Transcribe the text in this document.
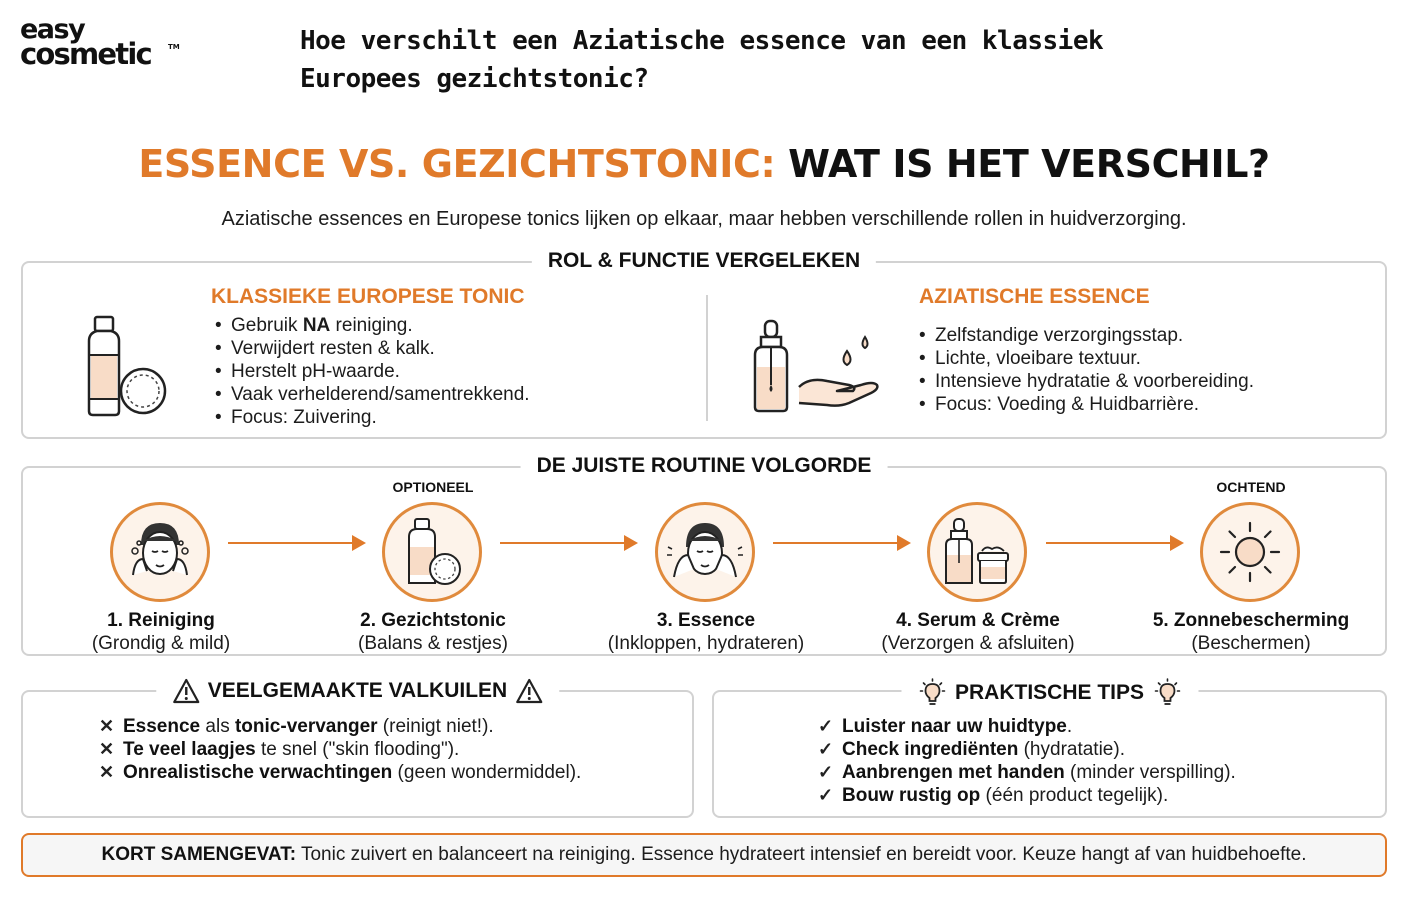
easy
cosmetic TM	Hoe verschilt een Aziatische essence van een klassiek Europees gezichtstonic?
ESSENCE VS. GEZICHTSTONIC: WAT IS HET VERSCHIL?
Aziatische essences en Europese tonics lijken op elkaar, maar hebben verschillende rollen in huidverzorging.
ROL & FUNCTIE VERGELEKEN
KLASSIEKE EUROPESE TONIC
• Gebruik NA reiniging.
• Verwijdert resten & kalk.
• Herstelt pH-waarde.
• Vaak verhelderend/samentrekkend.
• Focus: Zuivering.
AZIATISCHE ESSENCE
• Zelfstandige verzorgingsstap.
• Lichte, vloeibare textuur.
• Intensieve hydratatie & voorbereiding.
• Focus: Voeding & Huidbarrière.
DE JUISTE ROUTINE VOLGORDE
1. Reiniging
(Grondig & mild)
OPTIONEEL
2. Gezichtstonic
(Balans & restjes)
3. Essence
(Inkloppen, hydrateren)
4. Serum & Crème
(Verzorgen & afsluiten)
OCHTEND
5. Zonnebescherming
(Beschermen)
VEELGEMAAKTE VALKUILEN
✕ Essence als tonic-vervanger (reinigt niet!).
✕ Te veel laagjes te snel ("skin flooding").
✕ Onrealistische verwachtingen (geen wondermiddel).
PRAKTISCHE TIPS
✓ Luister naar uw huidtype .
✓ Check ingrediënten (hydratatie).
✓ Aanbrengen met handen (minder verspilling).
✓ Bouw rustig op (één product tegelijk).
KORT SAMENGEVAT: Tonic zuivert en balanceert na reiniging. Essence hydrateert intensief en bereidt voor. Keuze hangt af van huidbehoefte.
